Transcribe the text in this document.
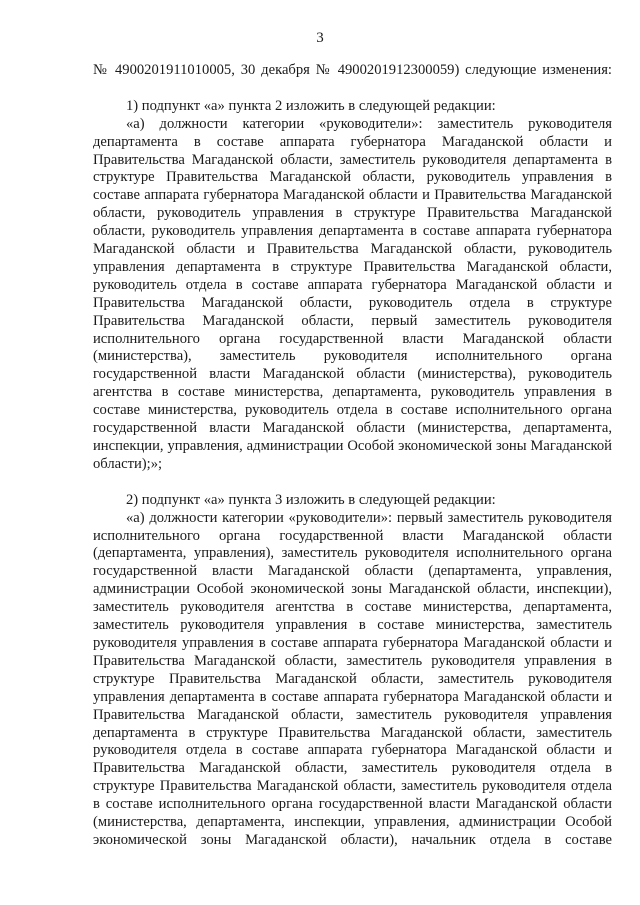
3

№ 4900201911010005, 30 декабря № 4900201912300059) следующие изменения:

1) подпункт «а» пункта 2 изложить в следующей редакции:

«а) должности категории «руководители»: заместитель руководителя департамента в составе аппарата губернатора Магаданской области и Правительства Магаданской области, заместитель руководителя департамента в структуре Правительства Магаданской области, руководитель управления в составе аппарата губернатора Магаданской области и Правительства Магаданской области, руководитель управления в структуре Правительства Магаданской области, руководитель управления департамента в составе аппарата губернатора Магаданской области и Правительства Магаданской области, руководитель управления департамента в структуре Правительства Магаданской области, руководитель отдела в составе аппарата губернатора Магаданской области и Правительства Магаданской области, руководитель отдела в структуре Правительства Магаданской области, первый заместитель руководителя исполнительного органа государственной власти Магаданской области (министерства), заместитель руководителя исполнительного органа государственной власти Магаданской области (министерства), руководитель агентства в составе министерства, департамента, руководитель управления в составе министерства, руководитель отдела в составе исполнительного органа государственной власти Магаданской области (министерства, департамента, инспекции, управления, администрации Особой экономической зоны Магаданской области);»;

2) подпункт «а» пункта 3 изложить в следующей редакции:

«а) должности категории «руководители»: первый заместитель руководителя исполнительного органа государственной власти Магаданской области (департамента, управления), заместитель руководителя исполнительного органа государственной власти Магаданской области (департамента, управления, администрации Особой экономической зоны Магаданской области, инспекции), заместитель руководителя агентства в составе министерства, департамента, заместитель руководителя управления в составе министерства, заместитель руководителя управления в составе аппарата губернатора Магаданской области и Правительства Магаданской области, заместитель руководителя управления в структуре Правительства Магаданской области, заместитель руководителя управления департамента в составе аппарата губернатора Магаданской области и Правительства Магаданской области, заместитель руководителя управления департамента в структуре Правительства Магаданской области, заместитель руководителя отдела в составе аппарата губернатора Магаданской области и Правительства Магаданской области, заместитель руководителя отдела в структуре Правительства Магаданской области, заместитель руководителя отдела в составе исполнительного органа государственной власти Магаданской области (министерства, департамента, инспекции, управления, администрации Особой экономической зоны Магаданской области), начальник отдела в составе
